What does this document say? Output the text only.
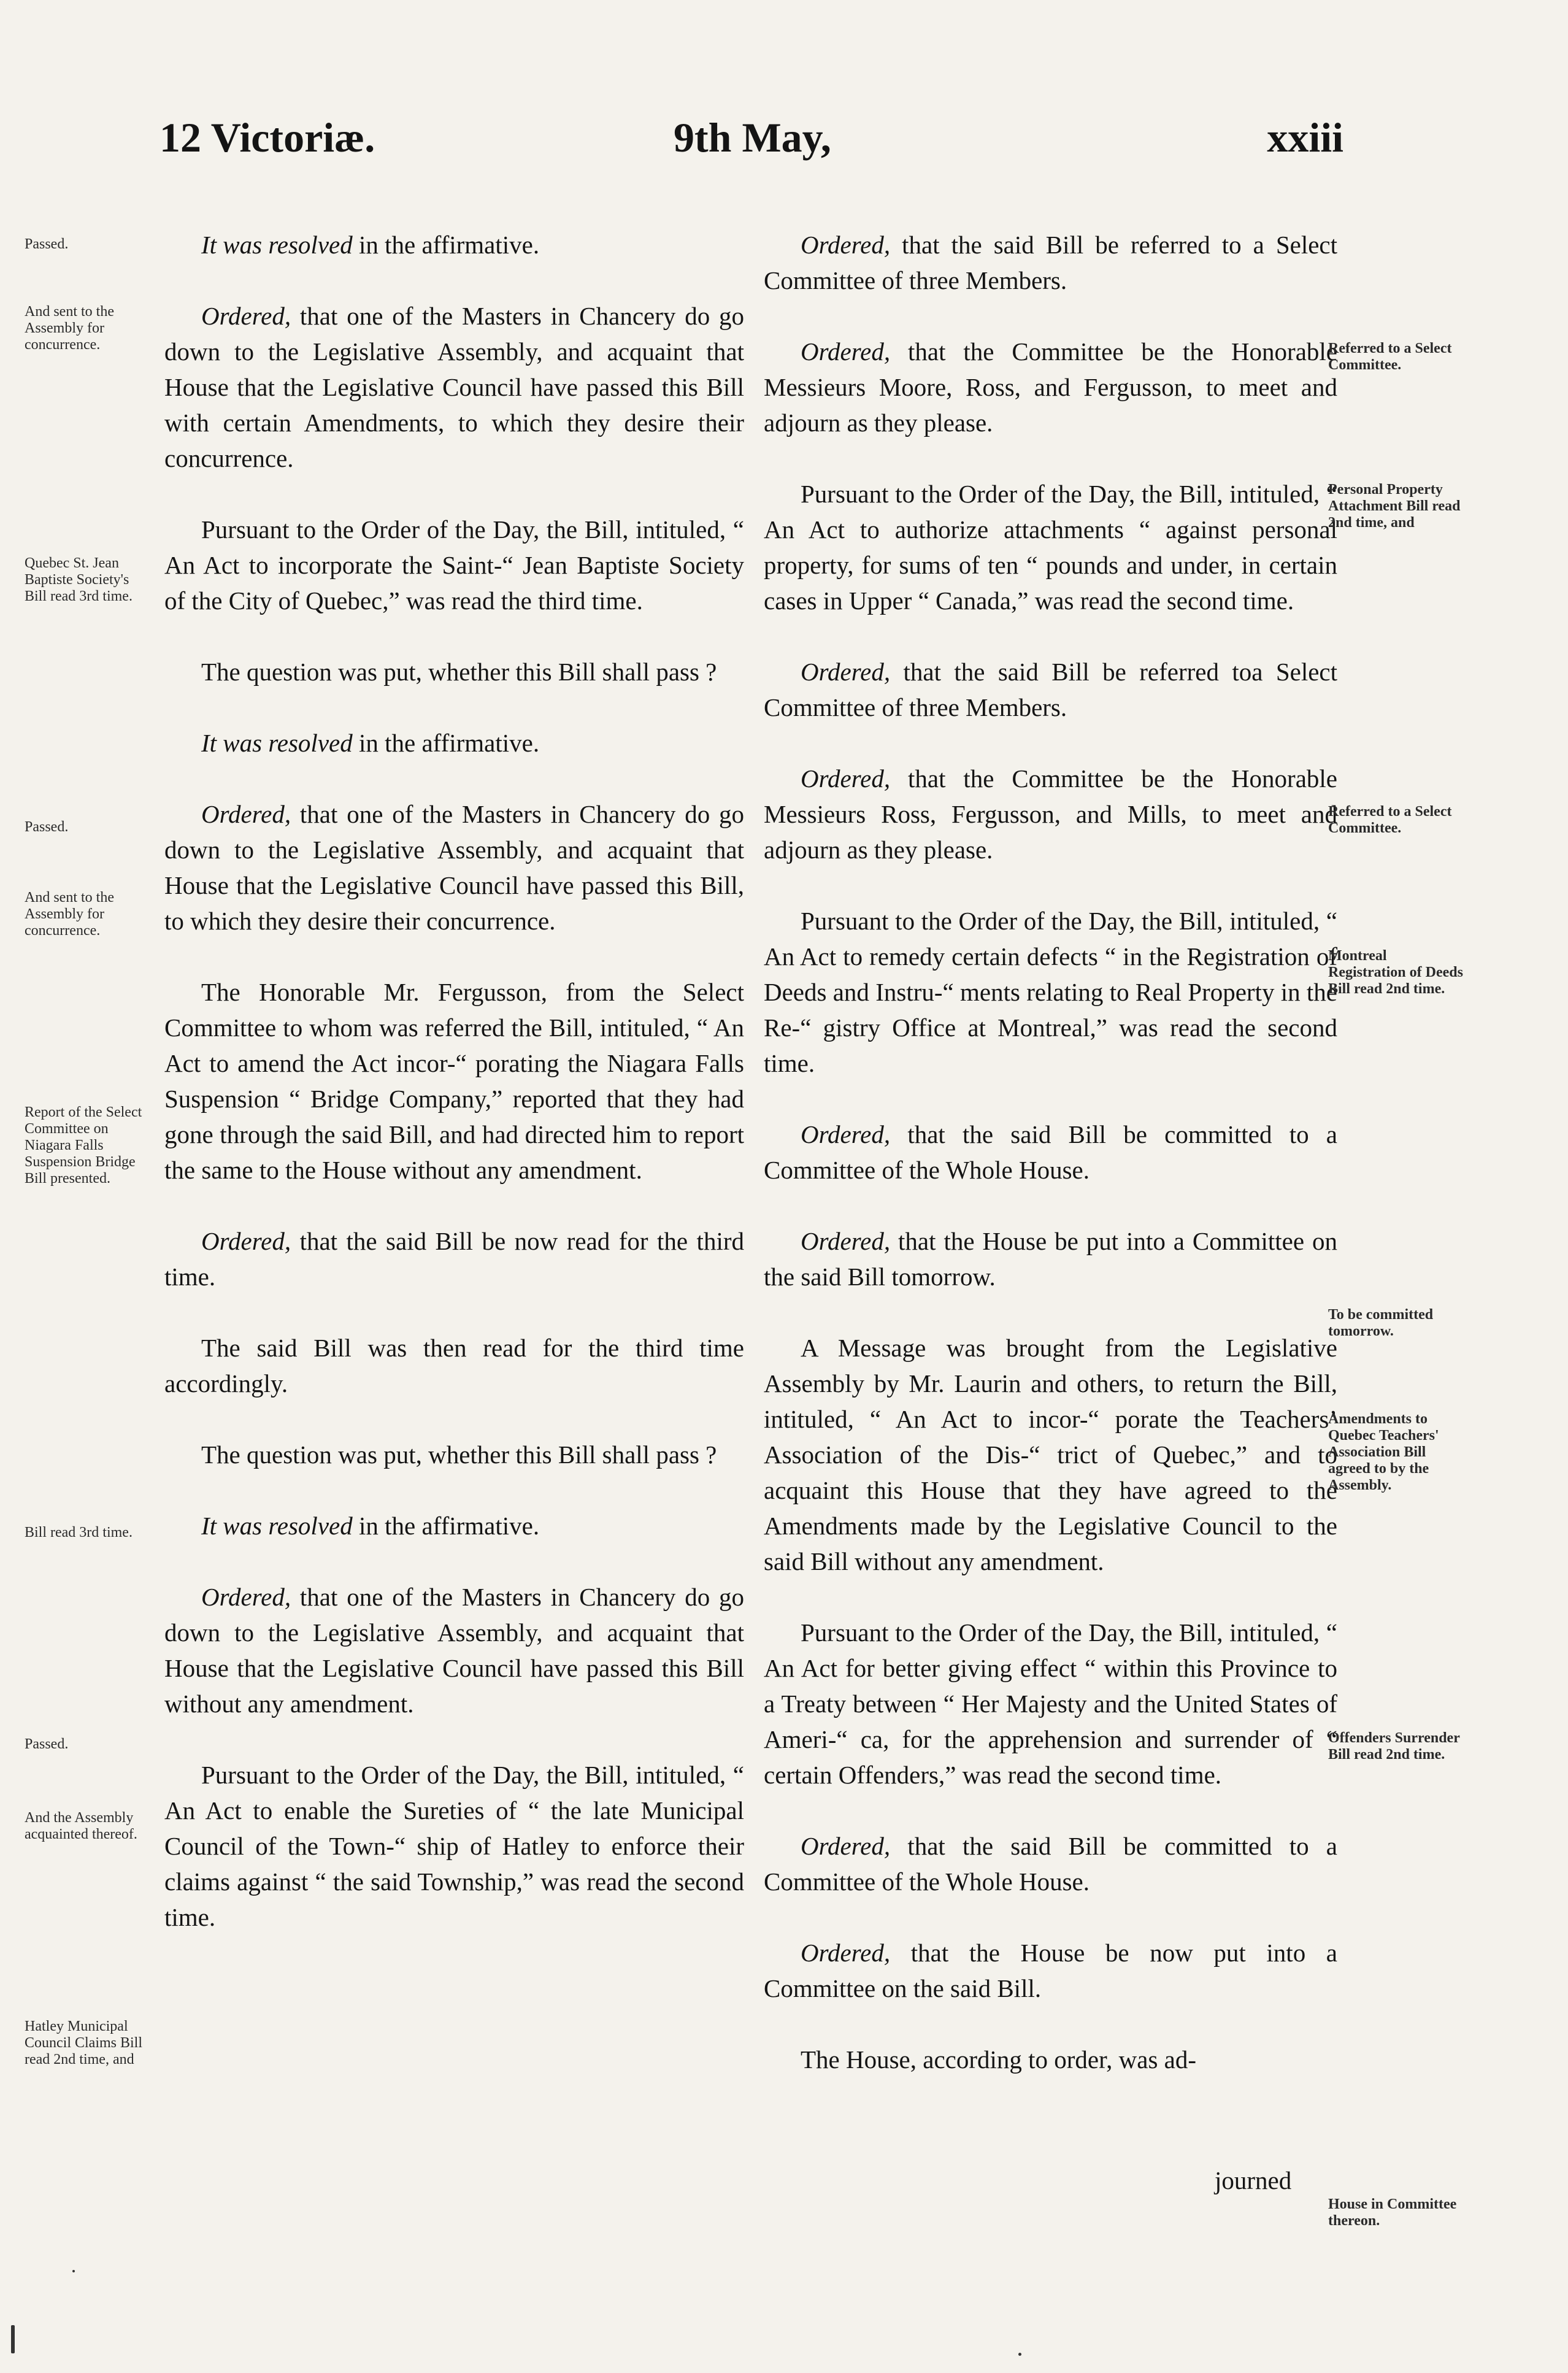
12 Victoriæ.	9th May,	xxiii

It was resolved in the affirmative.

Ordered, that one of the Masters in Chancery do go down to the Legislative Assembly, and acquaint that House that the Legislative Council have passed this Bill with certain Amendments, to which they desire their concurrence.

Pursuant to the Order of the Day, the Bill, intituled, “ An Act to incorporate the Saint-“ Jean Baptiste Society of the City of Quebec,” was read the third time.

The question was put, whether this Bill shall pass ?

It was resolved in the affirmative.

Ordered, that one of the Masters in Chancery do go down to the Legislative Assembly, and acquaint that House that the Legislative Council have passed this Bill, to which they desire their concurrence.

The Honorable Mr. Fergusson, from the Select Committee to whom was referred the Bill, intituled, “ An Act to amend the Act incor-“ porating the Niagara Falls Suspension “ Bridge Company,” reported that they had gone through the said Bill, and had directed him to report the same to the House without any amendment.

Ordered, that the said Bill be now read for the third time.

The said Bill was then read for the third time accordingly.

The question was put, whether this Bill shall pass ?

It was resolved in the affirmative.

Ordered, that one of the Masters in Chancery do go down to the Legislative Assembly, and acquaint that House that the Legislative Council have passed this Bill without any amendment.

Pursuant to the Order of the Day, the Bill, intituled, “ An Act to enable the Sureties of “ the late Municipal Council of the Town-“ ship of Hatley to enforce their claims against “ the said Township,” was read the second time.

Ordered, that the said Bill be referred to a Select Committee of three Members.

Ordered, that the Committee be the Honorable Messieurs Moore, Ross, and Fergusson, to meet and adjourn as they please.

Pursuant to the Order of the Day, the Bill, intituled, “ An Act to authorize attachments “ against personal property, for sums of ten “ pounds and under, in certain cases in Upper “ Canada,” was read the second time.

Ordered, that the said Bill be referred toa Select Committee of three Members.

Ordered, that the Committee be the Honorable Messieurs Ross, Fergusson, and Mills, to meet and adjourn as they please.

Pursuant to the Order of the Day, the Bill, intituled, “ An Act to remedy certain defects “ in the Registration of Deeds and Instru-“ ments relating to Real Property in the Re-“ gistry Office at Montreal,” was read the second time.

Ordered, that the said Bill be committed to a Committee of the Whole House.

Ordered, that the House be put into a Committee on the said Bill tomorrow.

A Message was brought from the Legislative Assembly by Mr. Laurin and others, to return the Bill, intituled, “ An Act to incor-“ porate the Teachers’ Association of the Dis-“ trict of Quebec,” and to acquaint this House that they have agreed to the Amendments made by the Legislative Council to the said Bill without any amendment.

Pursuant to the Order of the Day, the Bill, intituled, “ An Act for better giving effect “ within this Province to a Treaty between “ Her Majesty and the United States of Ameri-“ ca, for the apprehension and surrender of “ certain Offenders,” was read the second time.

Ordered, that the said Bill be committed to a Committee of the Whole House.

Ordered, that the House be now put into a Committee on the said Bill.

The House, according to order, was ad-

journed
Passed.
And sent to the Assembly for concurrence.
Quebec St. Jean Baptiste Society's Bill read 3rd time.
Passed.
And sent to the Assembly for concurrence.
Report of the Select Committee on Niagara Falls Suspension Bridge Bill presented.
Bill read 3rd time.
Passed.
And the Assembly acquainted thereof.
Hatley Municipal Council Claims Bill read 2nd time, and
Referred to a Select Committee.
Personal Property Attachment Bill read 2nd time, and
Referred to a Select Committee.
Montreal Registration of Deeds Bill read 2nd time.
To be committed tomorrow.
Amendments to Quebec Teachers' Association Bill agreed to by the Assembly.
Offenders Surrender Bill read 2nd time.
House in Committee thereon.
